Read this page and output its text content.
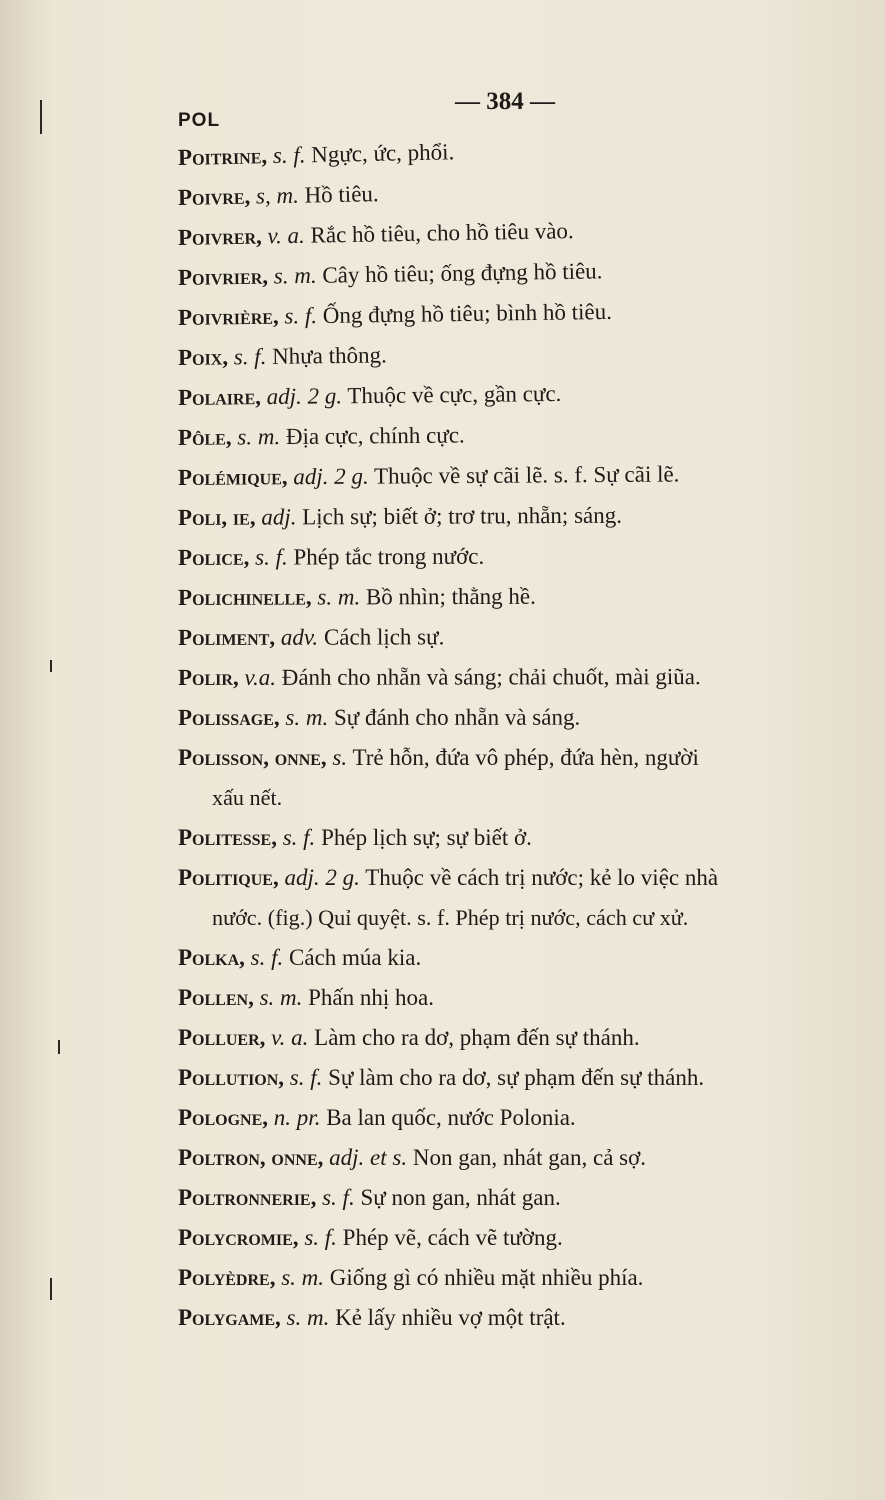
POL
— 384 —
Poitrine, s. f. Ngực, ức, phổi.
Poivre, s, m. Hồ tiêu.
Poivrer, v. a. Rắc hồ tiêu, cho hồ tiêu vào.
Poivrier, s. m. Cây hồ tiêu; ống đựng hồ tiêu.
Poivrière, s. f. Ống đựng hồ tiêu; bình hồ tiêu.
Poix, s. f. Nhựa thông.
Polaire, adj. 2 g. Thuộc về cực, gần cực.
Pôle, s. m. Địa cực, chính cực.
Polémique, adj. 2 g. Thuộc về sự cãi lẽ. s. f. Sự cãi lẽ.
Poli, ie, adj. Lịch sự; biết ở; trơ tru, nhẵn; sáng.
Police, s. f. Phép tắc trong nước.
Polichinelle, s. m. Bồ nhìn; thằng hề.
Poliment, adv. Cách lịch sự.
Polir, v.a. Đánh cho nhẵn và sáng; chải chuốt, mài giũa.
Polissage, s. m. Sự đánh cho nhẵn và sáng.
Polisson, onne, s. Trẻ hỗn, đứa vô phép, đứa hèn, người
xấu nết.
Politesse, s. f. Phép lịch sự; sự biết ở.
Politique, adj. 2 g. Thuộc về cách trị nước; kẻ lo việc nhà
nước. (fig.) Quỉ quyệt. s. f. Phép trị nước, cách cư xử.
Polka, s. f. Cách múa kia.
Pollen, s. m. Phấn nhị hoa.
Polluer, v. a. Làm cho ra dơ, phạm đến sự thánh.
Pollution, s. f. Sự làm cho ra dơ, sự phạm đến sự thánh.
Pologne, n. pr. Ba lan quốc, nước Polonia.
Poltron, onne, adj. et s. Non gan, nhát gan, cả sợ.
Poltronnerie, s. f. Sự non gan, nhát gan.
Polycromie, s. f. Phép vẽ, cách vẽ tường.
Polyèdre, s. m. Giống gì có nhiều mặt nhiều phía.
Polygame, s. m. Kẻ lấy nhiều vợ một trật.
